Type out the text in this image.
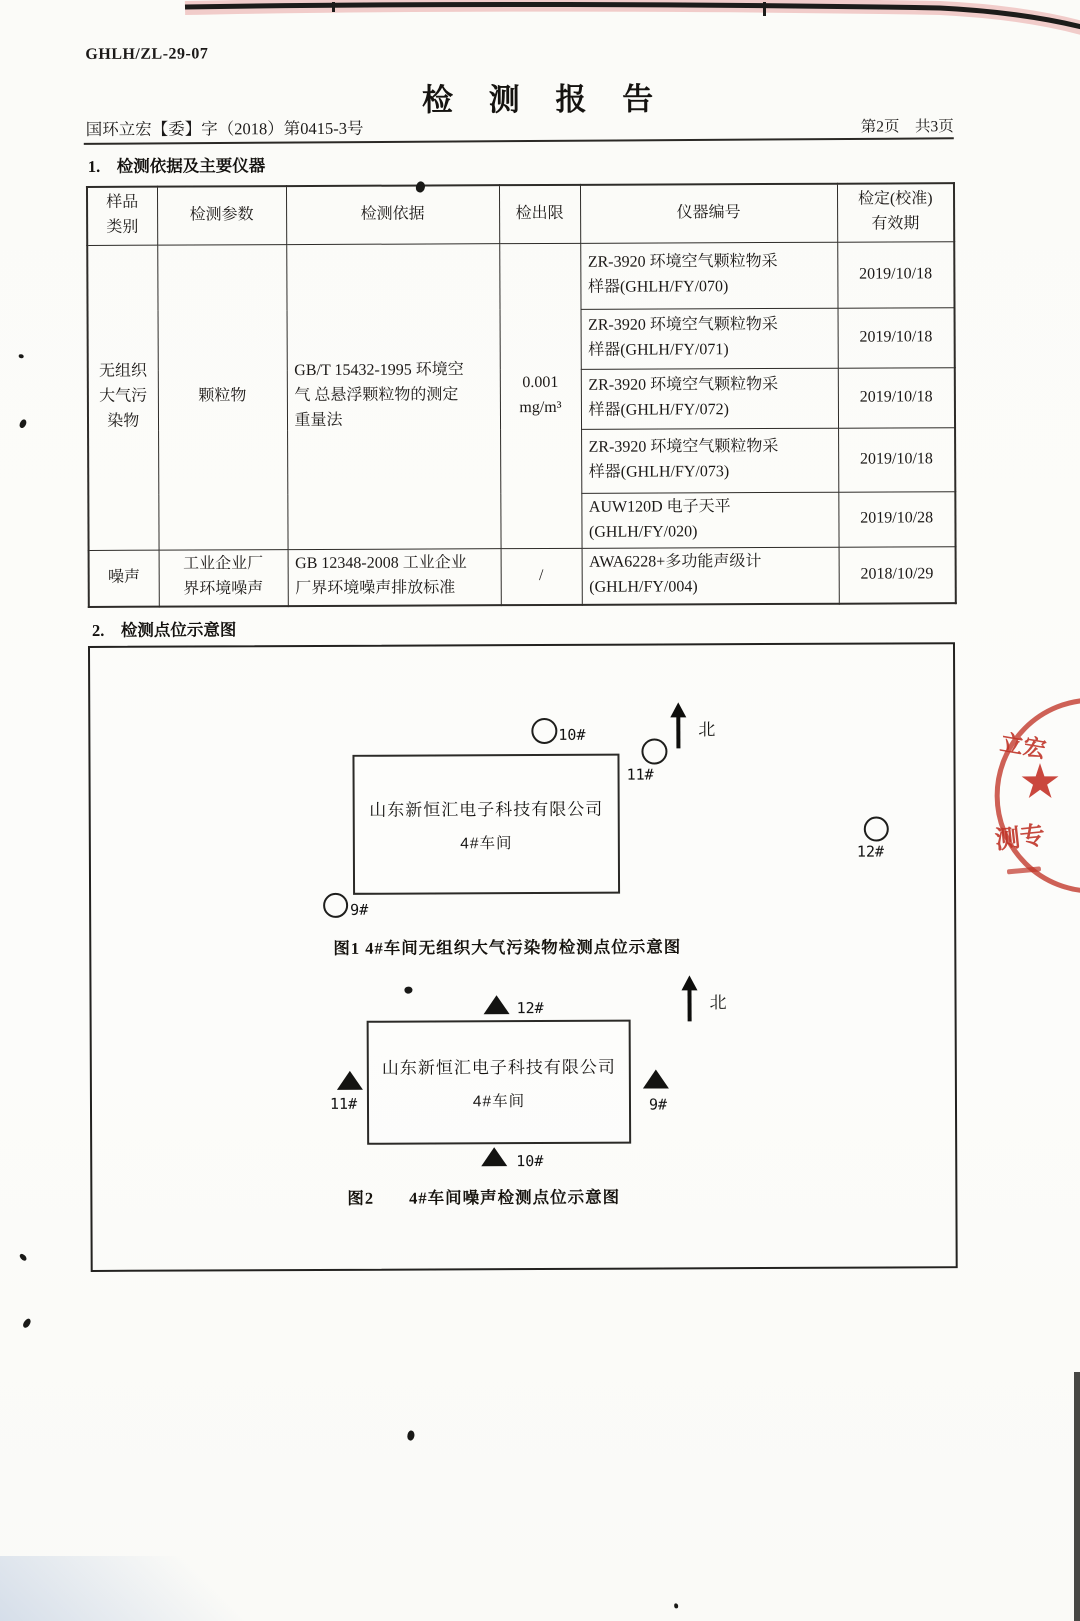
GHLH/ZL-29-07
检 测 报 告
国环立宏【委】字（2018）第0415-3号	第2页　共3页
1.　检测依据及主要仪器
样品
类别	检测参数	检测依据	检出限	仪器编号	检定(校准)
有效期
无组织
大气污
染物	颗粒物	GB/T 15432-1995 环境空
气 总悬浮颗粒物的测定
重量法	0.001
mg/m³	ZR-3920 环境空气颗粒物采
样器(GHLH/FY/070)	2019/10/18
				ZR-3920 环境空气颗粒物采
样器(GHLH/FY/071)	2019/10/18
				ZR-3920 环境空气颗粒物采
样器(GHLH/FY/072)	2019/10/18
				ZR-3920 环境空气颗粒物采
样器(GHLH/FY/073)	2019/10/18
				AUW120D 电子天平
(GHLH/FY/020)	2019/10/28
噪声	工业企业厂
界环境噪声	GB 12348-2008 工业企业
厂界环境噪声排放标准	/	AWA6228+多功能声级计
(GHLH/FY/004)	2018/10/29
2.　检测点位示意图
10#	北
11#
山东新恒汇电子科技有限公司
4#车间	12#
9#
图1 4#车间无组织大气污染物检测点位示意图
12#	北
山东新恒汇电子科技有限公司
4#车间
11#	9#
10#
图2　　4#车间噪声检测点位示意图
立宏
★
测专
